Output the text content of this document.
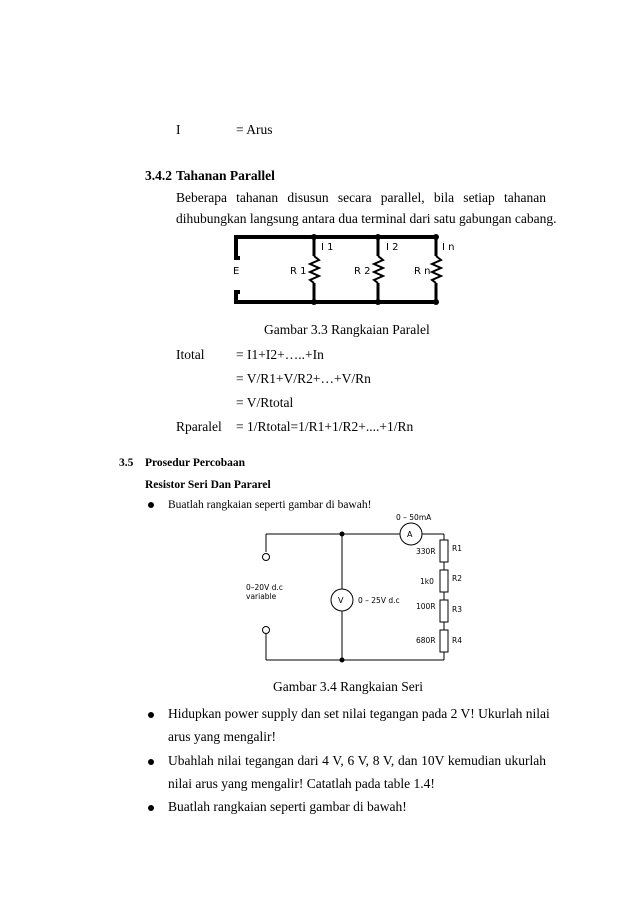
I	= Arus
3.4.2 Tahanan Parallel
Beberapa tahanan disusun secara parallel, bila setiap tahanan
dihubungkan langsung antara dua terminal dari satu gabungan cabang.
E	R 1	R 2	R n
I 1	I 2	I n
Gambar 3.3 Rangkaian Paralel
Itotal = I1+I2+…..+In
= V/R1+V/R2+…+V/Rn
= V/Rtotal
Rparalel = 1/Rtotal=1/R1+1/R2+....+1/Rn
3.5 Prosedur Percobaan
Resistor Seri Dan Pararel
Buatlah rangkaian seperti gambar di bawah!
0 – 50mA
A
0–20V d.c
variable	V 0 – 25V d.c
330R R1
1k0 R2
100R R3
680R R4
Gambar 3.4 Rangkaian Seri
Hidupkan power supply dan set nilai tegangan pada 2 V! Ukurlah nilai
arus yang mengalir!
Ubahlah nilai tegangan dari 4 V, 6 V, 8 V, dan 10V kemudian ukurlah
nilai arus yang mengalir! Catatlah pada table 1.4!
Buatlah rangkaian seperti gambar di bawah!
